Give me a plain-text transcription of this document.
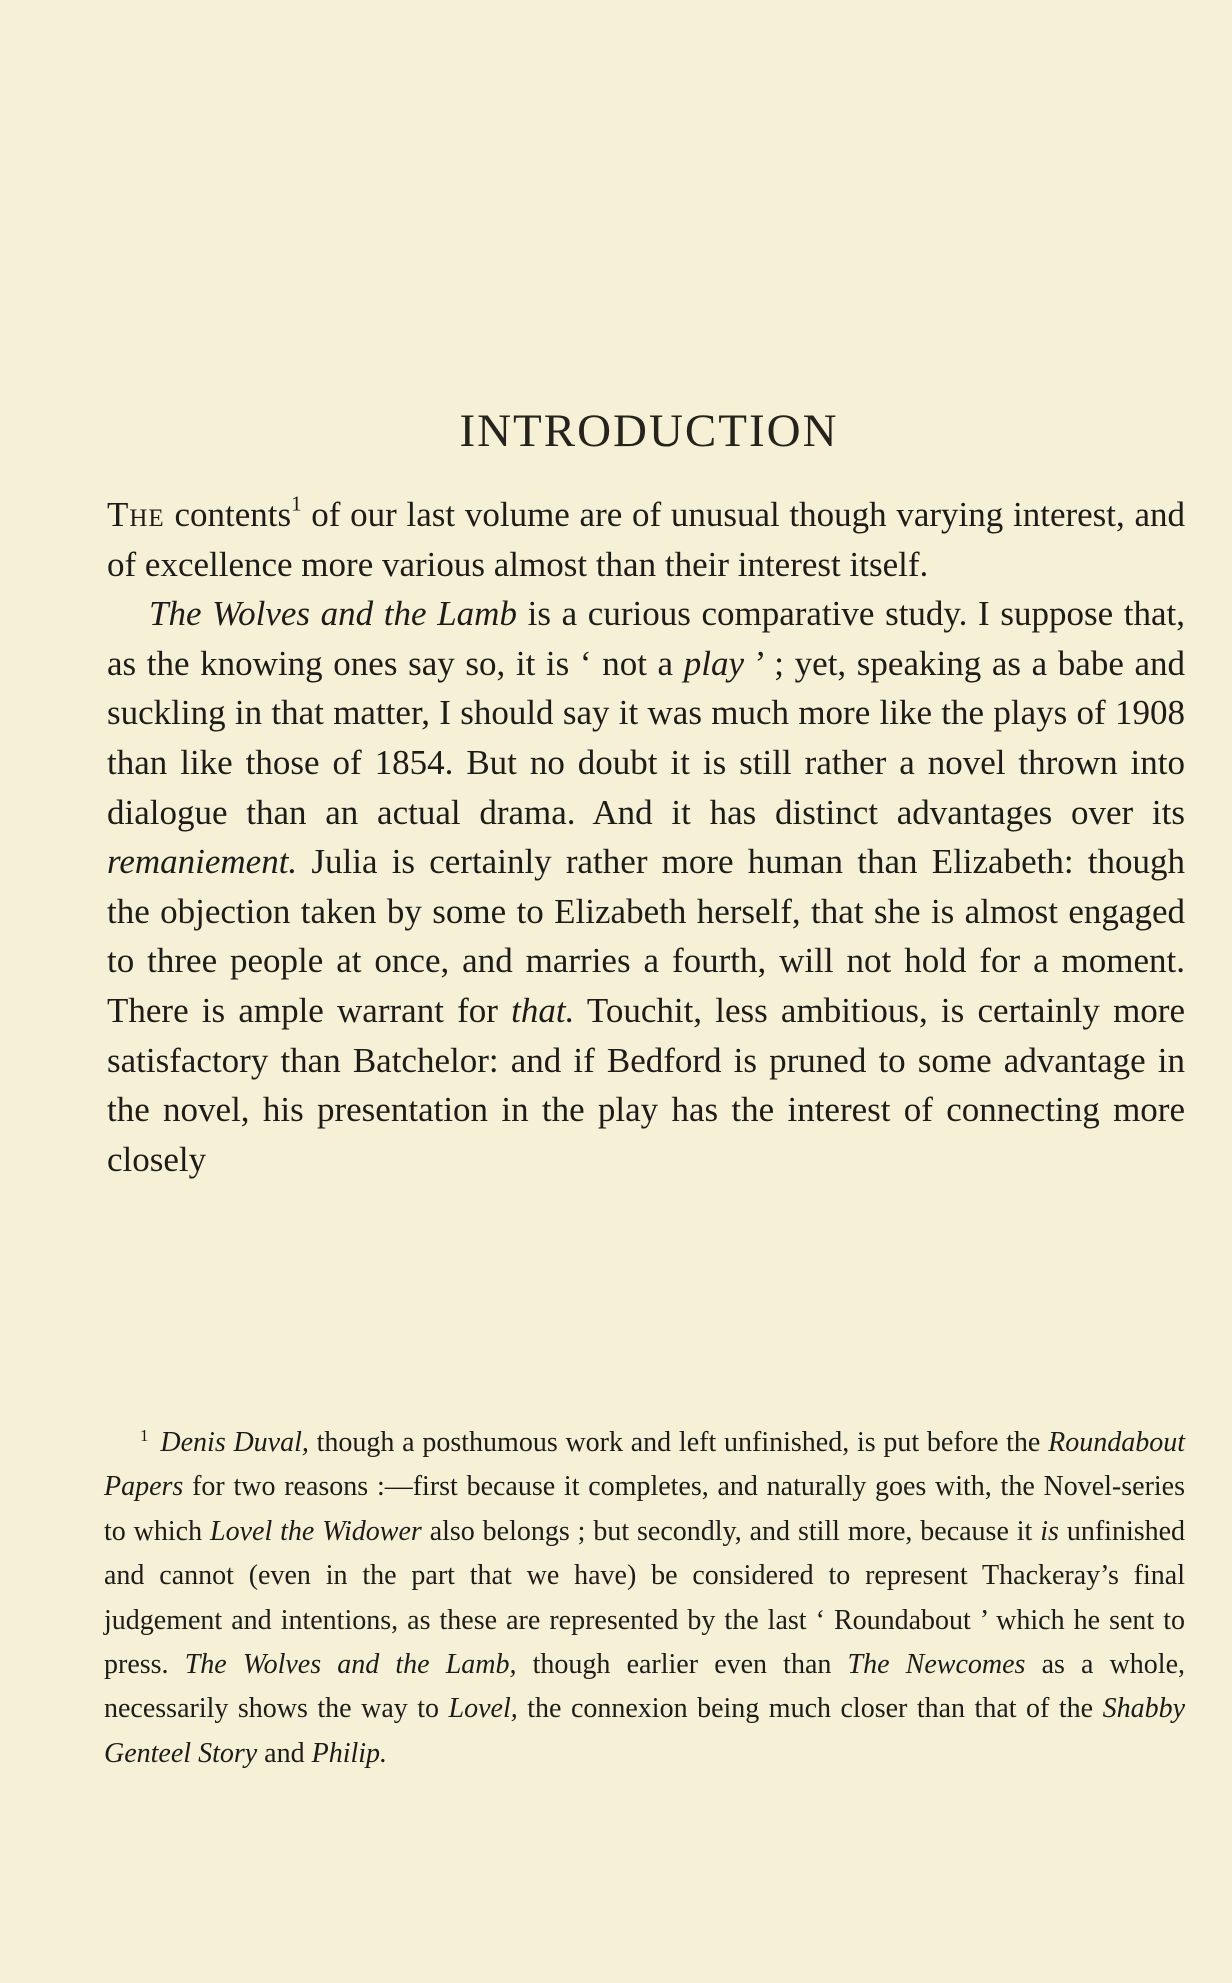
INTRODUCTION

The contents$^1$ of our last volume are of unusual though varying interest, and of excellence more various almost than their interest itself.

The Wolves and the Lamb is a curious comparative study. I suppose that, as the knowing ones say so, it is ‘ not a play ’ ; yet, speaking as a babe and suckling in that matter, I should say it was much more like the plays of 1908 than like those of 1854. But no doubt it is still rather a novel thrown into dialogue than an actual drama. And it has distinct advantages over its remaniement. Julia is certainly rather more human than Elizabeth: though the objection taken by some to Elizabeth herself, that she is almost engaged to three people at once, and marries a fourth, will not hold for a moment. There is ample warrant for that. Touchit, less ambitious, is certainly more satisfactory than Batchelor: and if Bedford is pruned to some advantage in the novel, his presentation in the play has the interest of connecting more closely

$^1$ Denis Duval, though a posthumous work and left unfinished, is put before the Roundabout Papers for two reasons :—first because it completes, and naturally goes with, the Novel-series to which Lovel the Widower also belongs ; but secondly, and still more, because it is unfinished and cannot (even in the part that we have) be considered to represent Thackeray’s final judgement and intentions, as these are represented by the last ‘ Roundabout ’ which he sent to press. The Wolves and the Lamb, though earlier even than The Newcomes as a whole, necessarily shows the way to Lovel, the connexion being much closer than that of the Shabby Genteel Story and Philip.
